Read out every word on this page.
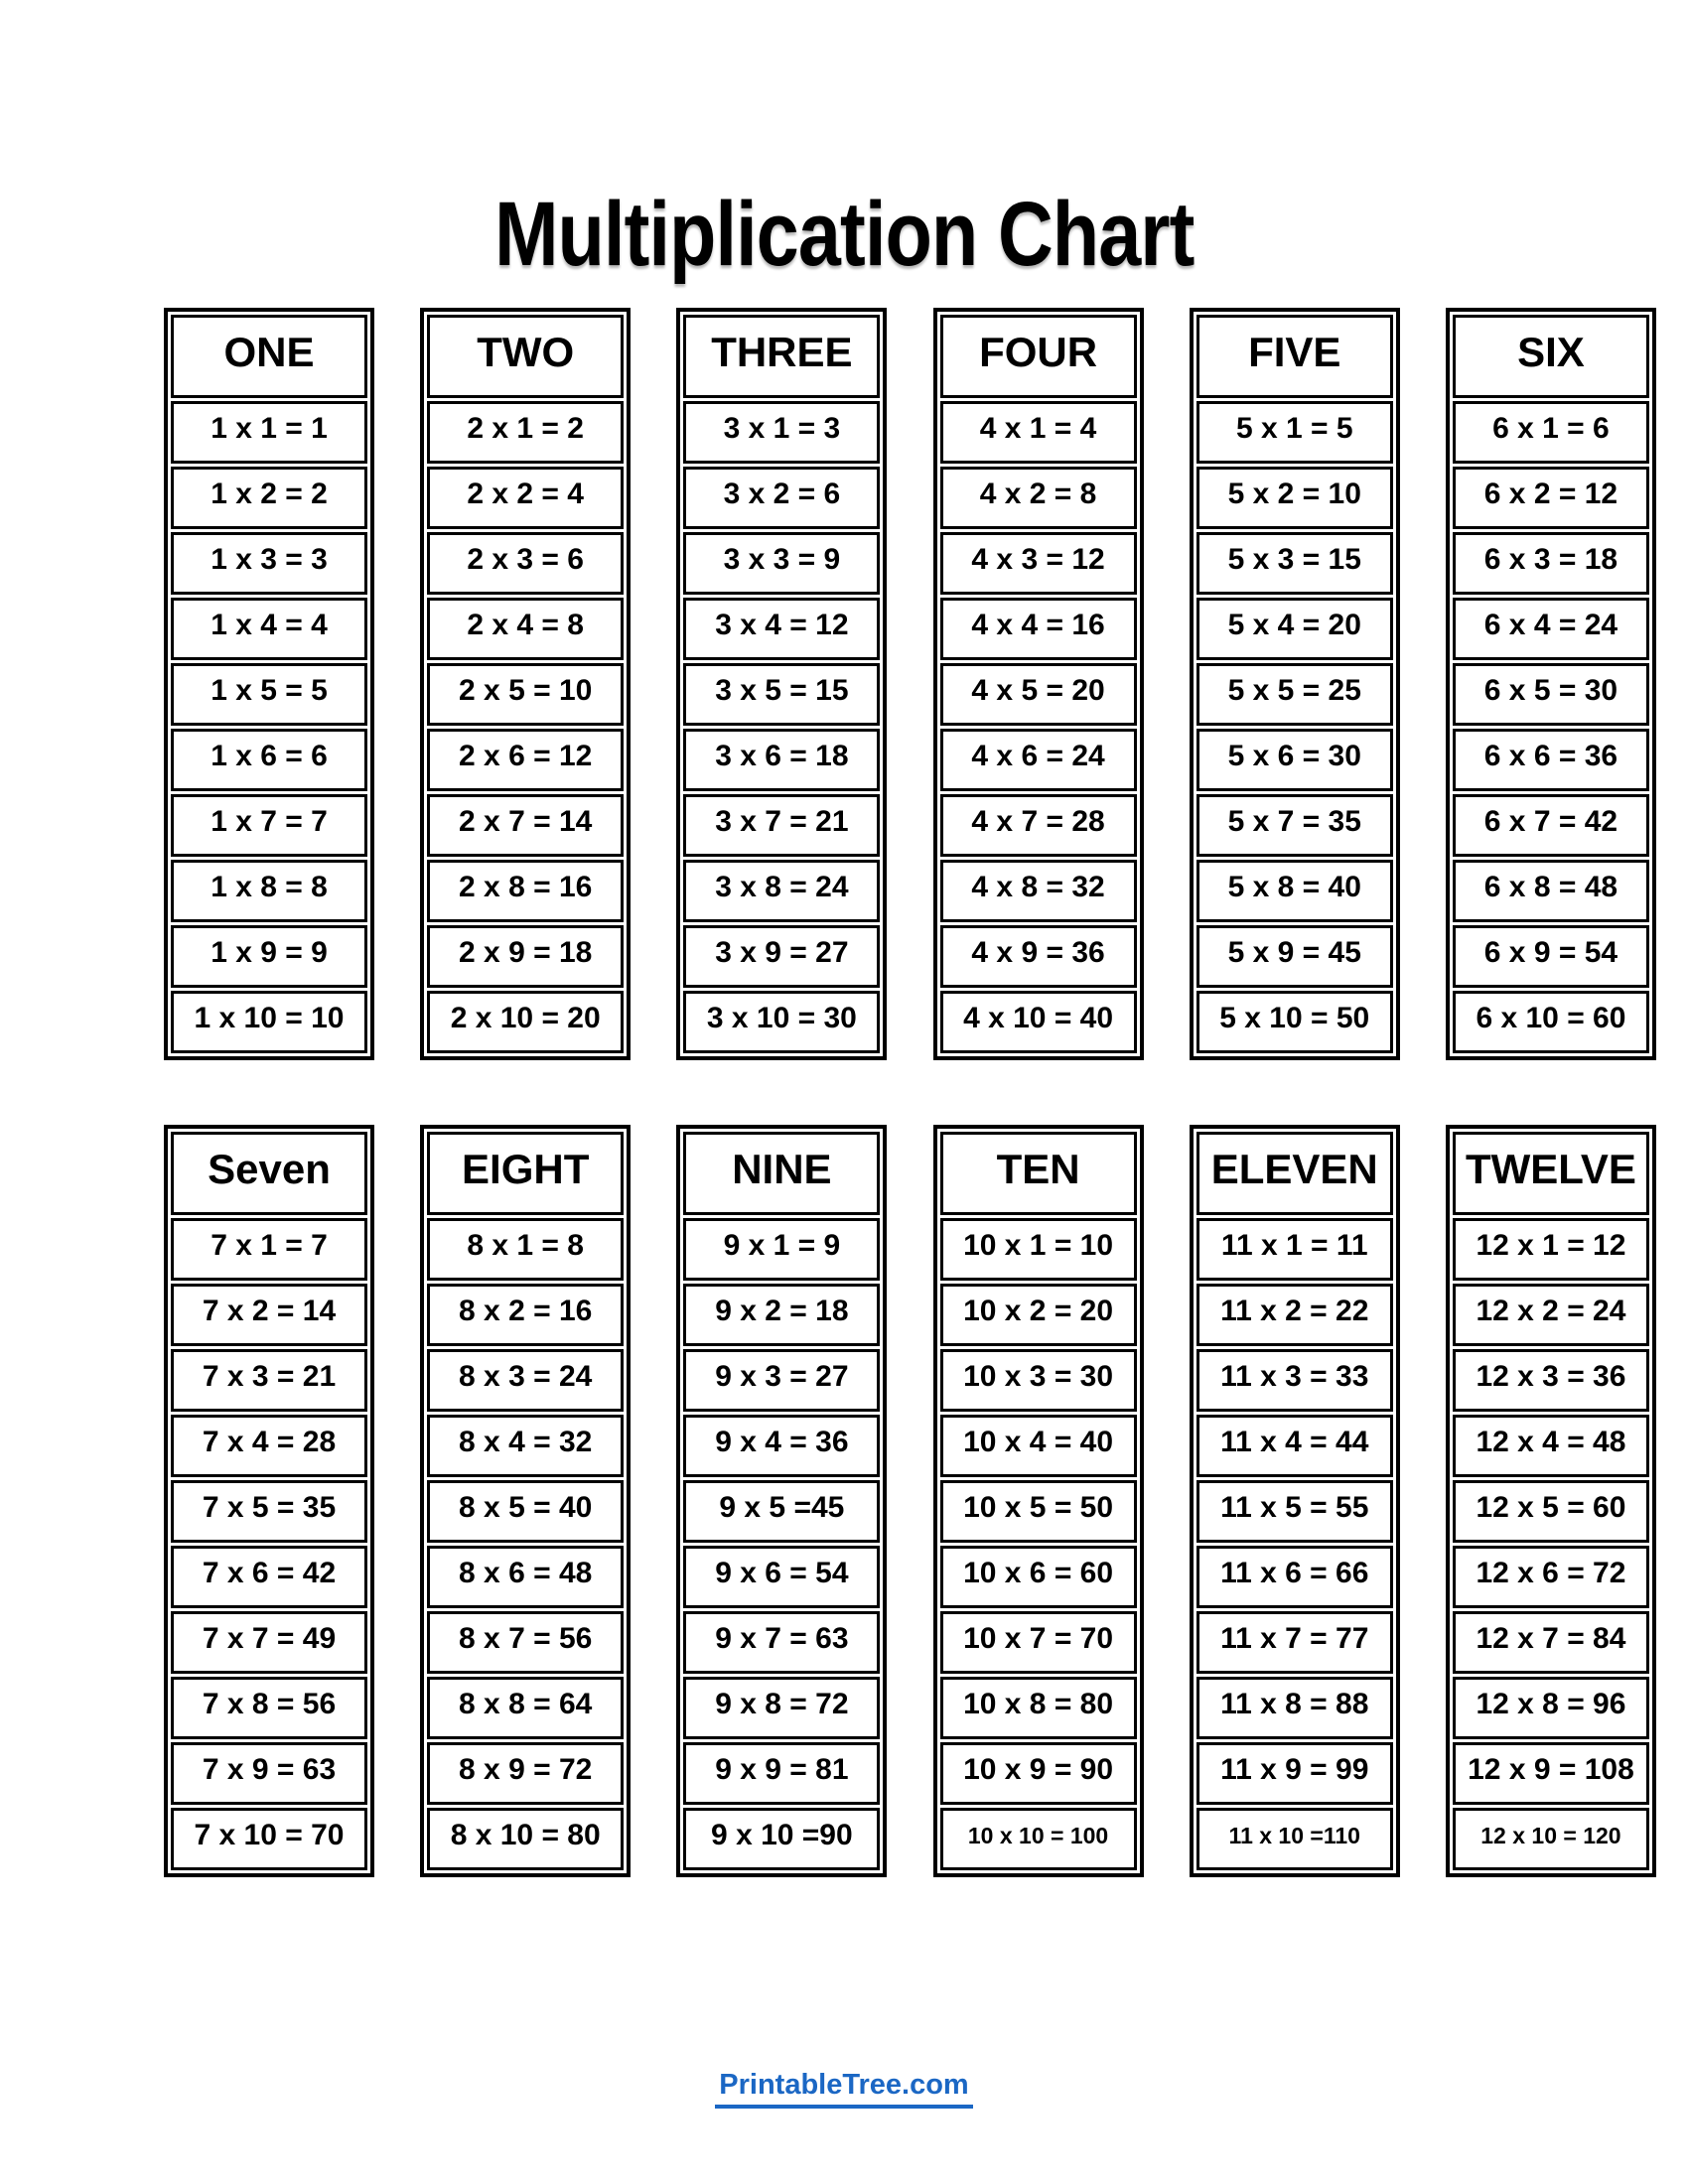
Multiplication Chart
ONE
1 x 1 = 1
1 x 2 = 2
1 x 3 = 3
1 x 4 = 4
1 x 5 = 5
1 x 6 = 6
1 x 7 = 7
1 x 8 = 8
1 x 9 = 9
1 x 10 = 10
TWO
2 x 1 = 2
2 x 2 = 4
2 x 3 = 6
2 x 4 = 8
2 x 5 = 10
2 x 6 = 12
2 x 7 = 14
2 x 8 = 16
2 x 9 = 18
2 x 10 = 20
THREE
3 x 1 = 3
3 x 2 = 6
3 x 3 = 9
3 x 4 = 12
3 x 5 = 15
3 x 6 = 18
3 x 7 = 21
3 x 8 = 24
3 x 9 = 27
3 x 10 = 30
FOUR
4 x 1 = 4
4 x 2 = 8
4 x 3 = 12
4 x 4 = 16
4 x 5 = 20
4 x 6 = 24
4 x 7 = 28
4 x 8 = 32
4 x 9 = 36
4 x 10 = 40
FIVE
5 x 1 = 5
5 x 2 = 10
5 x 3 = 15
5 x 4 = 20
5 x 5 = 25
5 x 6 = 30
5 x 7 = 35
5 x 8 = 40
5 x 9 = 45
5 x 10 = 50
SIX
6 x 1 = 6
6 x 2 = 12
6 x 3 = 18
6 x 4 = 24
6 x 5 = 30
6 x 6 = 36
6 x 7 = 42
6 x 8 = 48
6 x 9 = 54
6 x 10 = 60
Seven
7 x 1 = 7
7 x 2 = 14
7 x 3 = 21
7 x 4 = 28
7 x 5 = 35
7 x 6 = 42
7 x 7 = 49
7 x 8 = 56
7 x 9 = 63
7 x 10 = 70
EIGHT
8 x 1 = 8
8 x 2 = 16
8 x 3 = 24
8 x 4 = 32
8 x 5 = 40
8 x 6 = 48
8 x 7 = 56
8 x 8 = 64
8 x 9 = 72
8 x 10 = 80
NINE
9 x 1 = 9
9 x 2 = 18
9 x 3 = 27
9 x 4 = 36
9 x 5 =45
9 x 6 = 54
9 x 7 = 63
9 x 8 = 72
9 x 9 = 81
9 x 10 =90
TEN
10 x 1 = 10
10 x 2 = 20
10 x 3 = 30
10 x 4 = 40
10 x 5 = 50
10 x 6 = 60
10 x 7 = 70
10 x 8 = 80
10 x 9 = 90
10 x 10 = 100
ELEVEN
11 x 1 = 11
11 x 2 = 22
11 x 3 = 33
11 x 4 = 44
11 x 5 = 55
11 x 6 = 66
11 x 7 = 77
11 x 8 = 88
11 x 9 = 99
11 x 10 =110
TWELVE
12 x 1 = 12
12 x 2 = 24
12 x 3 = 36
12 x 4 = 48
12 x 5 = 60
12 x 6 = 72
12 x 7 = 84
12 x 8 = 96
12 x 9 = 108
12 x 10 = 120
PrintableTree.com
